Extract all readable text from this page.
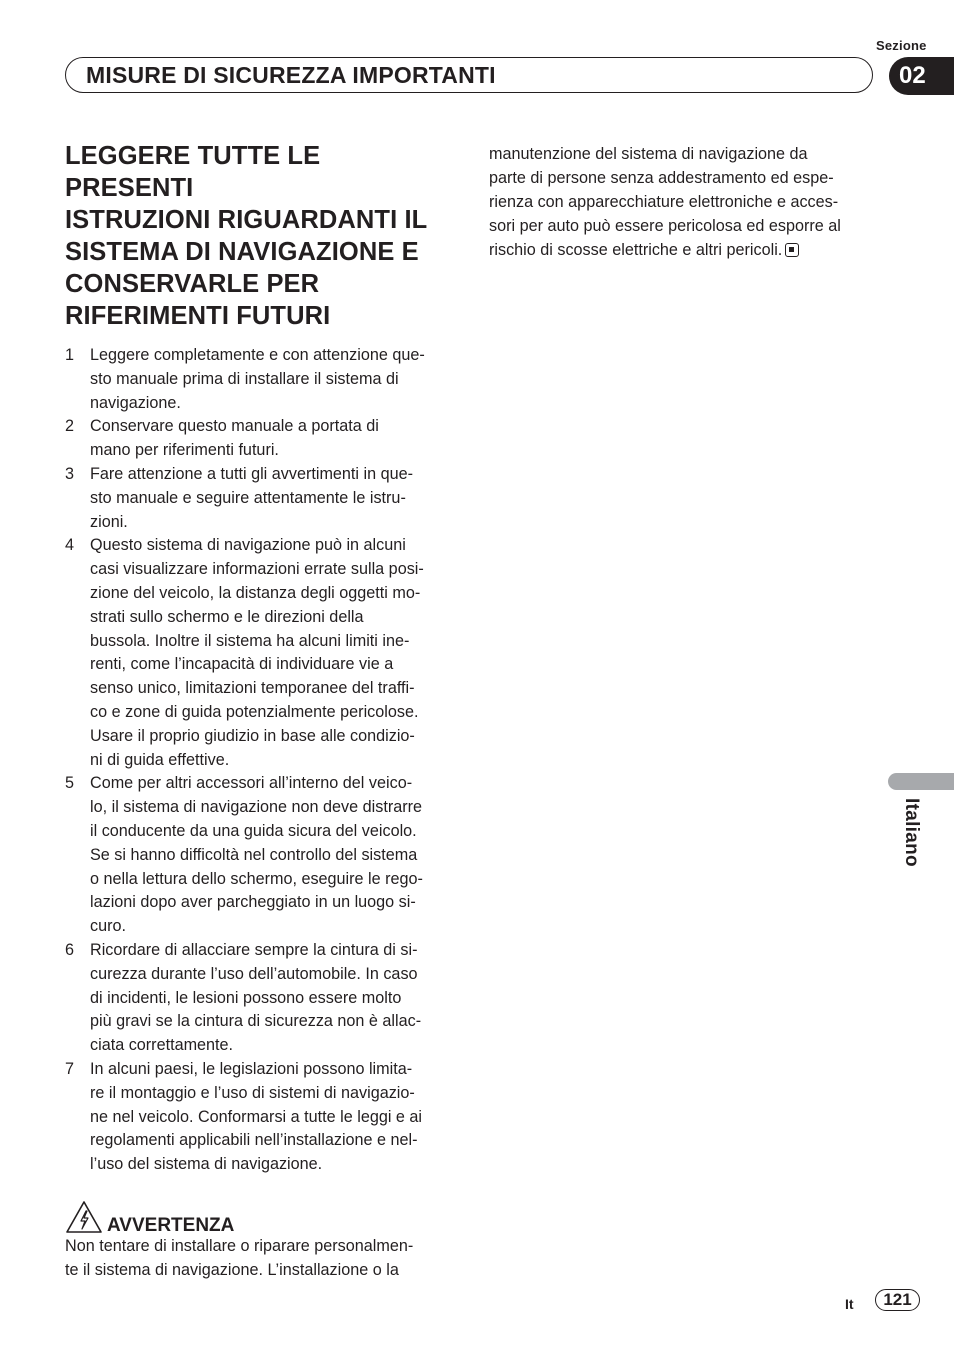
Sezione
MISURE DI SICUREZZA IMPORTANTI	02
LEGGERE TUTTE LE PRESENTI
ISTRUZIONI RIGUARDANTI IL
SISTEMA DI NAVIGAZIONE E
CONSERVARLE PER
RIFERIMENTI FUTURI
1 Leggere completamente e con attenzione que-
sto manuale prima di installare il sistema di
navigazione.
2 Conservare questo manuale a portata di
mano per riferimenti futuri.
3 Fare attenzione a tutti gli avvertimenti in que-
sto manuale e seguire attentamente le istru-
zioni.
4 Questo sistema di navigazione può in alcuni
casi visualizzare informazioni errate sulla posi-
zione del veicolo, la distanza degli oggetti mo-
strati sullo schermo e le direzioni della
bussola. Inoltre il sistema ha alcuni limiti ine-
renti, come l’incapacità di individuare vie a
senso unico, limitazioni temporanee del traffi-
co e zone di guida potenzialmente pericolose.
Usare il proprio giudizio in base alle condizio-
ni di guida effettive.
5 Come per altri accessori all’interno del veico-
lo, il sistema di navigazione non deve distrarre
il conducente da una guida sicura del veicolo.
Se si hanno difficoltà nel controllo del sistema
o nella lettura dello schermo, eseguire le rego-
lazioni dopo aver parcheggiato in un luogo si-
curo.
6 Ricordare di allacciare sempre la cintura di si-
curezza durante l’uso dell’automobile. In caso
di incidenti, le lesioni possono essere molto
più gravi se la cintura di sicurezza non è allac-
ciata correttamente.
7 In alcuni paesi, le legislazioni possono limita-
re il montaggio e l’uso di sistemi di navigazio-
ne nel veicolo. Conformarsi a tutte le leggi e ai
regolamenti applicabili nell’installazione e nel-
l’uso del sistema di navigazione.
AVVERTENZA

Non tentare di installare o riparare personalmen-
te il sistema di navigazione. L’installazione o la

manutenzione del sistema di navigazione da
parte di persone senza addestramento ed espe-
rienza con apparecchiature elettroniche e acces-
sori per auto può essere pericolosa ed esporre al
rischio di scosse elettriche e altri pericoli.

Italiano
It	121
